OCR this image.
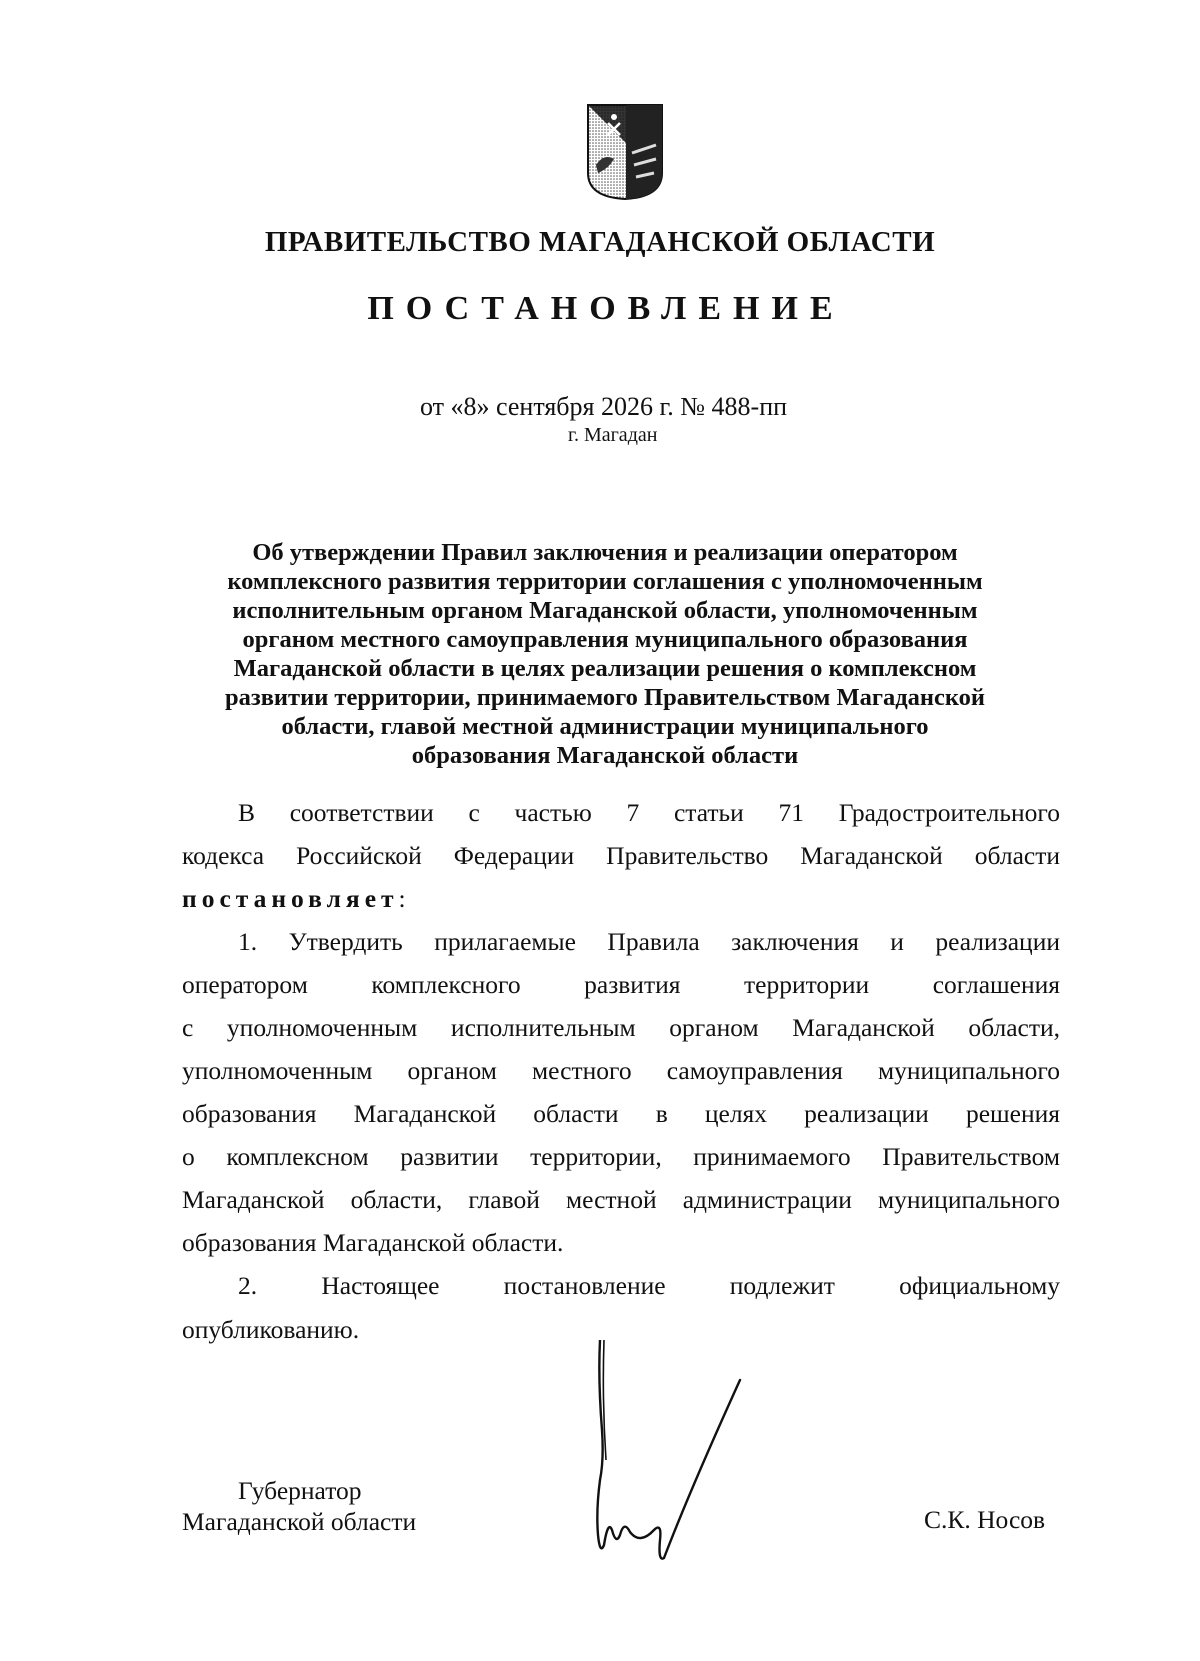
ПРАВИТЕЛЬСТВО МАГАДАНСКОЙ ОБЛАСТИ
ПОСТАНОВЛЕНИЕ
от «8» сентября 2026 г. № 488-пп
г. Магадан
Об утверждении Правил заключения и реализации оператором
комплексного развития территории соглашения с уполномоченным
исполнительным органом Магаданской области, уполномоченным
органом местного самоуправления муниципального образования
Магаданской области в целях реализации решения о комплексном
развитии территории, принимаемого Правительством Магаданской
области, главой местной администрации муниципального
образования Магаданской области
В соответствии с частью 7 статьи 71 Градостроительного
кодекса Российской Федерации Правительство Магаданской области
постановляет:
1. Утвердить прилагаемые Правила заключения и реализации
оператором комплексного развития территории соглашения
с уполномоченным исполнительным органом Магаданской области,
уполномоченным органом местного самоуправления муниципального
образования Магаданской области в целях реализации решения
о комплексном развитии территории, принимаемого Правительством
Магаданской области, главой местной администрации муниципального
образования Магаданской области.
2. Настоящее постановление подлежит официальному
опубликованию.
Губернатор
Магаданской области	С.К. Носов
